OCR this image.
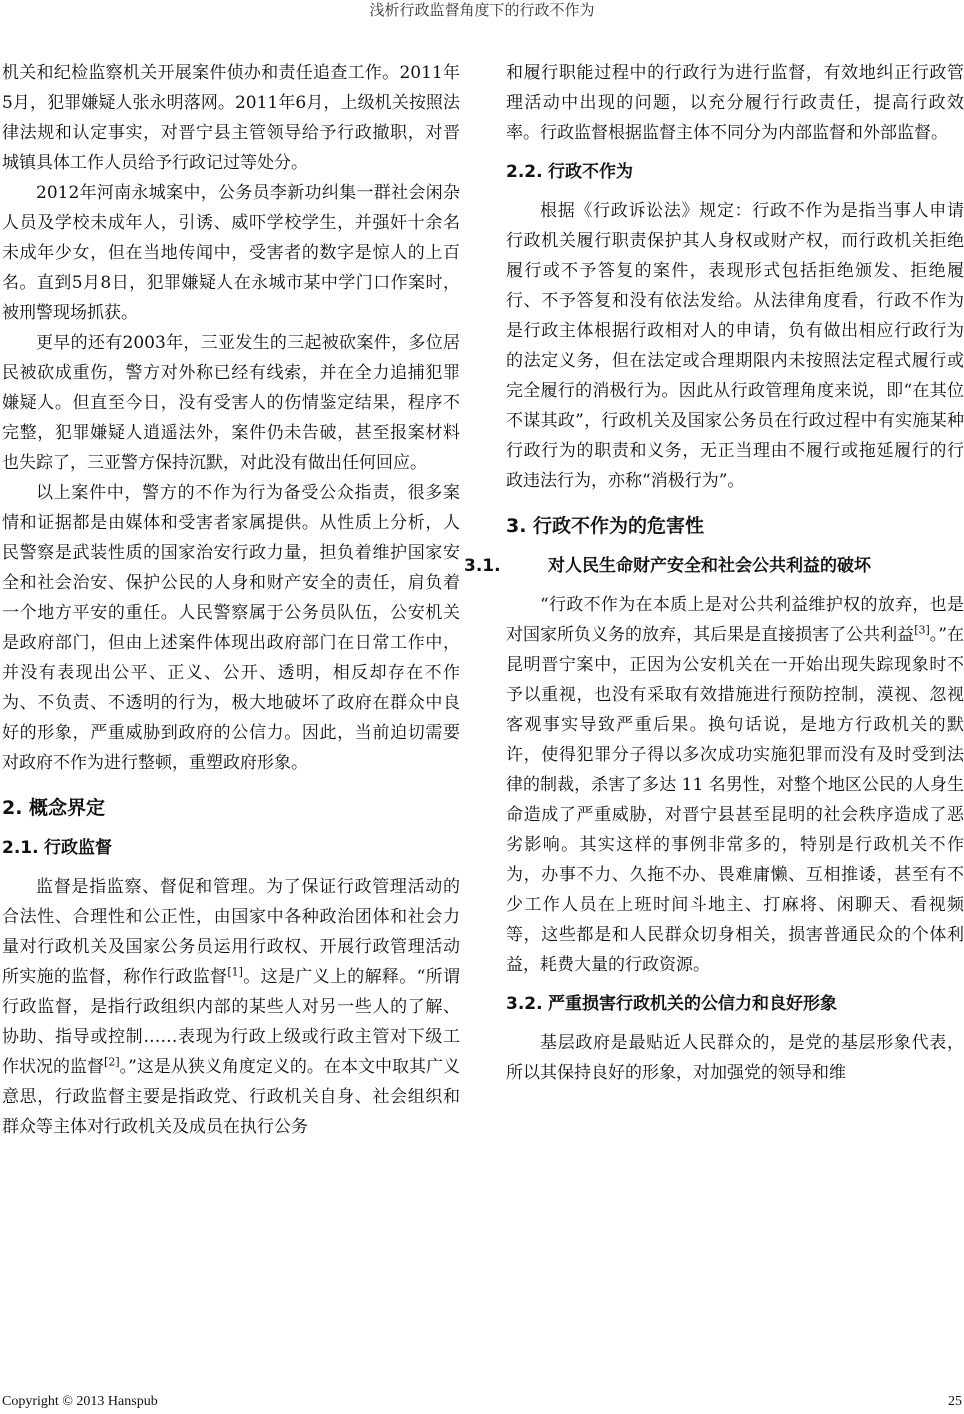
浅析行政监督角度下的行政不作为

机关和纪检监察机关开展案件侦办和责任追查工作。2011年5月，犯罪嫌疑人张永明落网。2011年6月，上级机关按照法律法规和认定事实，对晋宁县主管领导给予行政撤职，对晋城镇具体工作人员给予行政记过等处分。

2012年河南永城案中，公务员李新功纠集一群社会闲杂人员及学校未成年人，引诱、威吓学校学生，并强奸十余名未成年少女，但在当地传闻中，受害者的数字是惊人的上百名。直到5月8日，犯罪嫌疑人在永城市某中学门口作案时，被刑警现场抓获。

更早的还有2003年，三亚发生的三起被砍案件，多位居民被砍成重伤，警方对外称已经有线索，并在全力追捕犯罪嫌疑人。但直至今日，没有受害人的伤情鉴定结果，程序不完整，犯罪嫌疑人逍遥法外，案件仍未告破，甚至报案材料也失踪了，三亚警方保持沉默，对此没有做出任何回应。

以上案件中，警方的不作为行为备受公众指责，很多案情和证据都是由媒体和受害者家属提供。从性质上分析，人民警察是武装性质的国家治安行政力量，担负着维护国家安全和社会治安、保护公民的人身和财产安全的责任，肩负着一个地方平安的重任。人民警察属于公务员队伍，公安机关是政府部门，但由上述案件体现出政府部门在日常工作中，并没有表现出公平、正义、公开、透明，相反却存在不作为、不负责、不透明的行为，极大地破坏了政府在群众中良好的形象，严重威胁到政府的公信力。因此，当前迫切需要对政府不作为进行整顿，重塑政府形象。

2. 概念界定
2.1. 行政监督

监督是指监察、督促和管理。为了保证行政管理活动的合法性、合理性和公正性，由国家中各种政治团体和社会力量对行政机关及国家公务员运用行政权、开展行政管理活动所实施的监督，称作行政监督[1]。这是广义上的解释。“所谓行政监督，是指行政组织内部的某些人对另一些人的了解、协助、指导或控制……表现为行政上级或行政主管对下级工作状况的监督[2]。”这是从狭义角度定义的。在本文中取其广义意思，行政监督主要是指政党、行政机关自身、社会组织和群众等主体对行政机关及成员在执行公务

和履行职能过程中的行政行为进行监督，有效地纠正行政管理活动中出现的问题，以充分履行行政责任，提高行政效率。行政监督根据监督主体不同分为内部监督和外部监督。

2.2. 行政不作为

根据《行政诉讼法》规定：行政不作为是指当事人申请行政机关履行职责保护其人身权或财产权，而行政机关拒绝履行或不予答复的案件，表现形式包括拒绝颁发、拒绝履行、不予答复和没有依法发给。从法律角度看，行政不作为是行政主体根据行政相对人的申请，负有做出相应行政行为的法定义务，但在法定或合理期限内未按照法定程式履行或完全履行的消极行为。因此从行政管理角度来说，即“在其位不谋其政”，行政机关及国家公务员在行政过程中有实施某种行政行为的职责和义务，无正当理由不履行或拖延履行的行政违法行为，亦称“消极行为”。

3. 行政不作为的危害性
3.1.	对人民生命财产安全和社会公共利益的破坏

“行政不作为在本质上是对公共利益维护权的放弃，也是对国家所负义务的放弃，其后果是直接损害了公共利益[3]。”在昆明晋宁案中，正因为公安机关在一开始出现失踪现象时不予以重视，也没有采取有效措施进行预防控制，漠视、忽视客观事实导致严重后果。换句话说，是地方行政机关的默许，使得犯罪分子得以多次成功实施犯罪而没有及时受到法律的制裁，杀害了多达 11 名男性，对整个地区公民的人身生命造成了严重威胁，对晋宁县甚至昆明的社会秩序造成了恶劣影响。其实这样的事例非常多的，特别是行政机关不作为，办事不力、久拖不办、畏难庸懒、互相推诿，甚至有不少工作人员在上班时间斗地主、打麻将、闲聊天、看视频等，这些都是和人民群众切身相关，损害普通民众的个体利益，耗费大量的行政资源。

3.2. 严重损害行政机关的公信力和良好形象

基层政府是最贴近人民群众的，是党的基层形象代表，所以其保持良好的形象，对加强党的领导和维

Copyright © 2013 Hanspub	25
